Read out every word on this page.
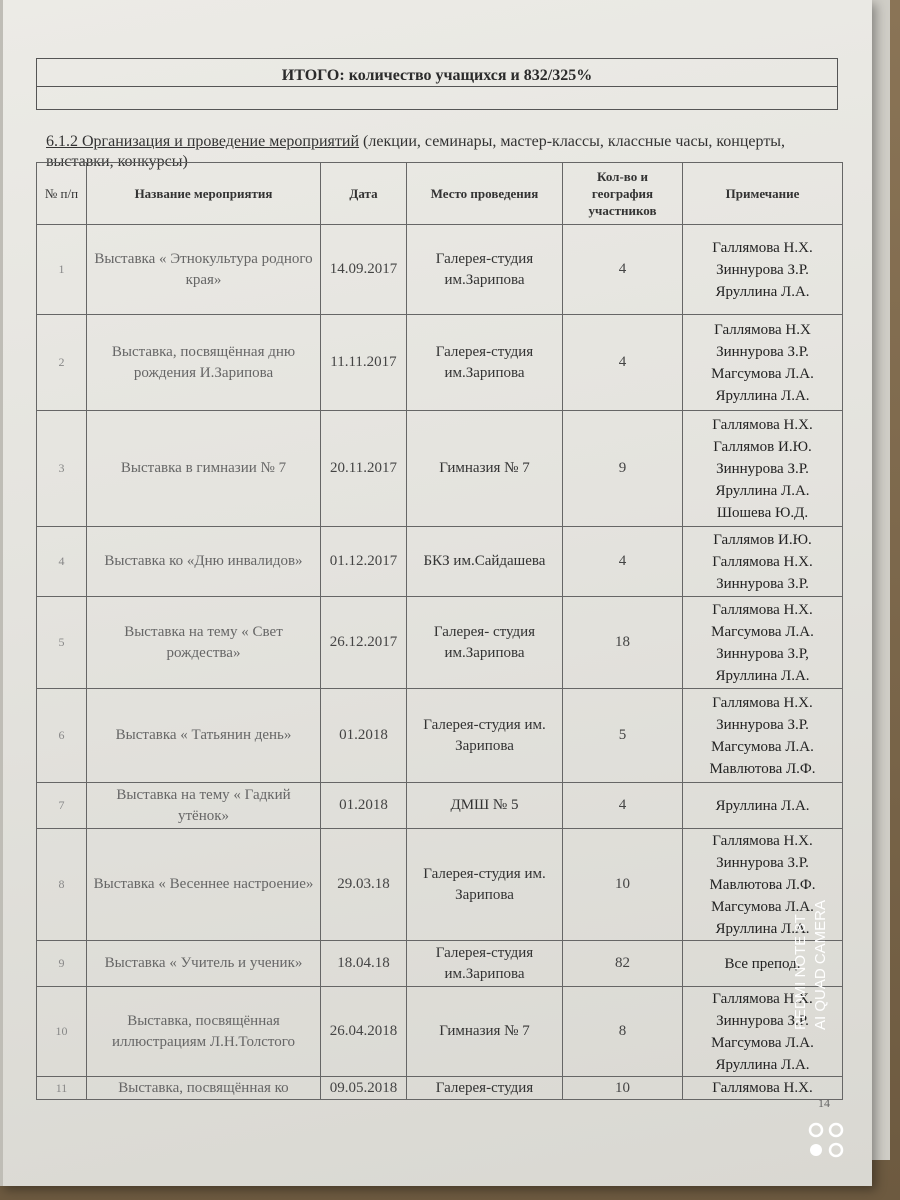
ИТОГО: количество учащихся и 832/325%
6.1.2 Организация и проведение мероприятий (лекции, семинары, мастер-классы, классные часы, концерты, выставки, конкурсы)
№ п/п	Название мероприятия	Дата	Место проведения	Кол-во и география участников	Примечание
1	Выставка « Этнокультура родного края»	14.09.2017	Галерея-студия им.Зарипова	4	Галлямова Н.Х.
Зиннурова З.Р.
Яруллина Л.А.

2	Выставка, посвящённая дню рождения И.Зарипова	11.11.2017	Галерея-студия им.Зарипова	4	Галлямова Н.Х
Зиннурова З.Р.
Магсумова Л.А.
Яруллина Л.А.

3	Выставка в гимназии № 7	20.11.2017	Гимназия № 7	9	Галлямова Н.Х.
Галлямов И.Ю.
Зиннурова З.Р.
Яруллина Л.А.
Шошева Ю.Д.

4	Выставка ко «Дню инвалидов»	01.12.2017	БКЗ им.Сайдашева	4	Галлямов И.Ю.
Галлямова Н.Х.
Зиннурова З.Р.

5	Выставка на тему « Свет рождества»	26.12.2017	Галерея- студия им.Зарипова	18	Галлямова Н.Х.
Магсумова Л.А.
Зиннурова З.Р,
Яруллина Л.А.

6	Выставка « Татьянин день»	01.2018	Галерея-студия им. Зарипова	5	Галлямова Н.Х.
Зиннурова З.Р.
Магсумова Л.А.
Мавлютова Л.Ф.

7	Выставка на тему « Гадкий утёнок»	01.2018	ДМШ № 5	4	Яруллина Л.А.

8	Выставка « Весеннее настроение»	29.03.18	Галерея-студия им. Зарипова	10	Галлямова Н.Х.
Зиннурова З.Р.
Мавлютова Л.Ф.
Магсумова Л.А.
Яруллина Л.А.

9	Выставка « Учитель и ученик»	18.04.18	Галерея-студия им.Зарипова	82	Все препод.

10	Выставка, посвящённая иллюстрациям Л.Н.Толстого	26.04.2018	Гимназия № 7	8	Галлямова Н.Х.
Зиннурова З.Р.
Магсумова Л.А.
Яруллина Л.А.

11	Выставка, посвящённая ко	09.05.2018	Галерея-студия	10	Галлямова Н.Х.
14
REDMI NOTE 8T AI QUAD CAMERA
